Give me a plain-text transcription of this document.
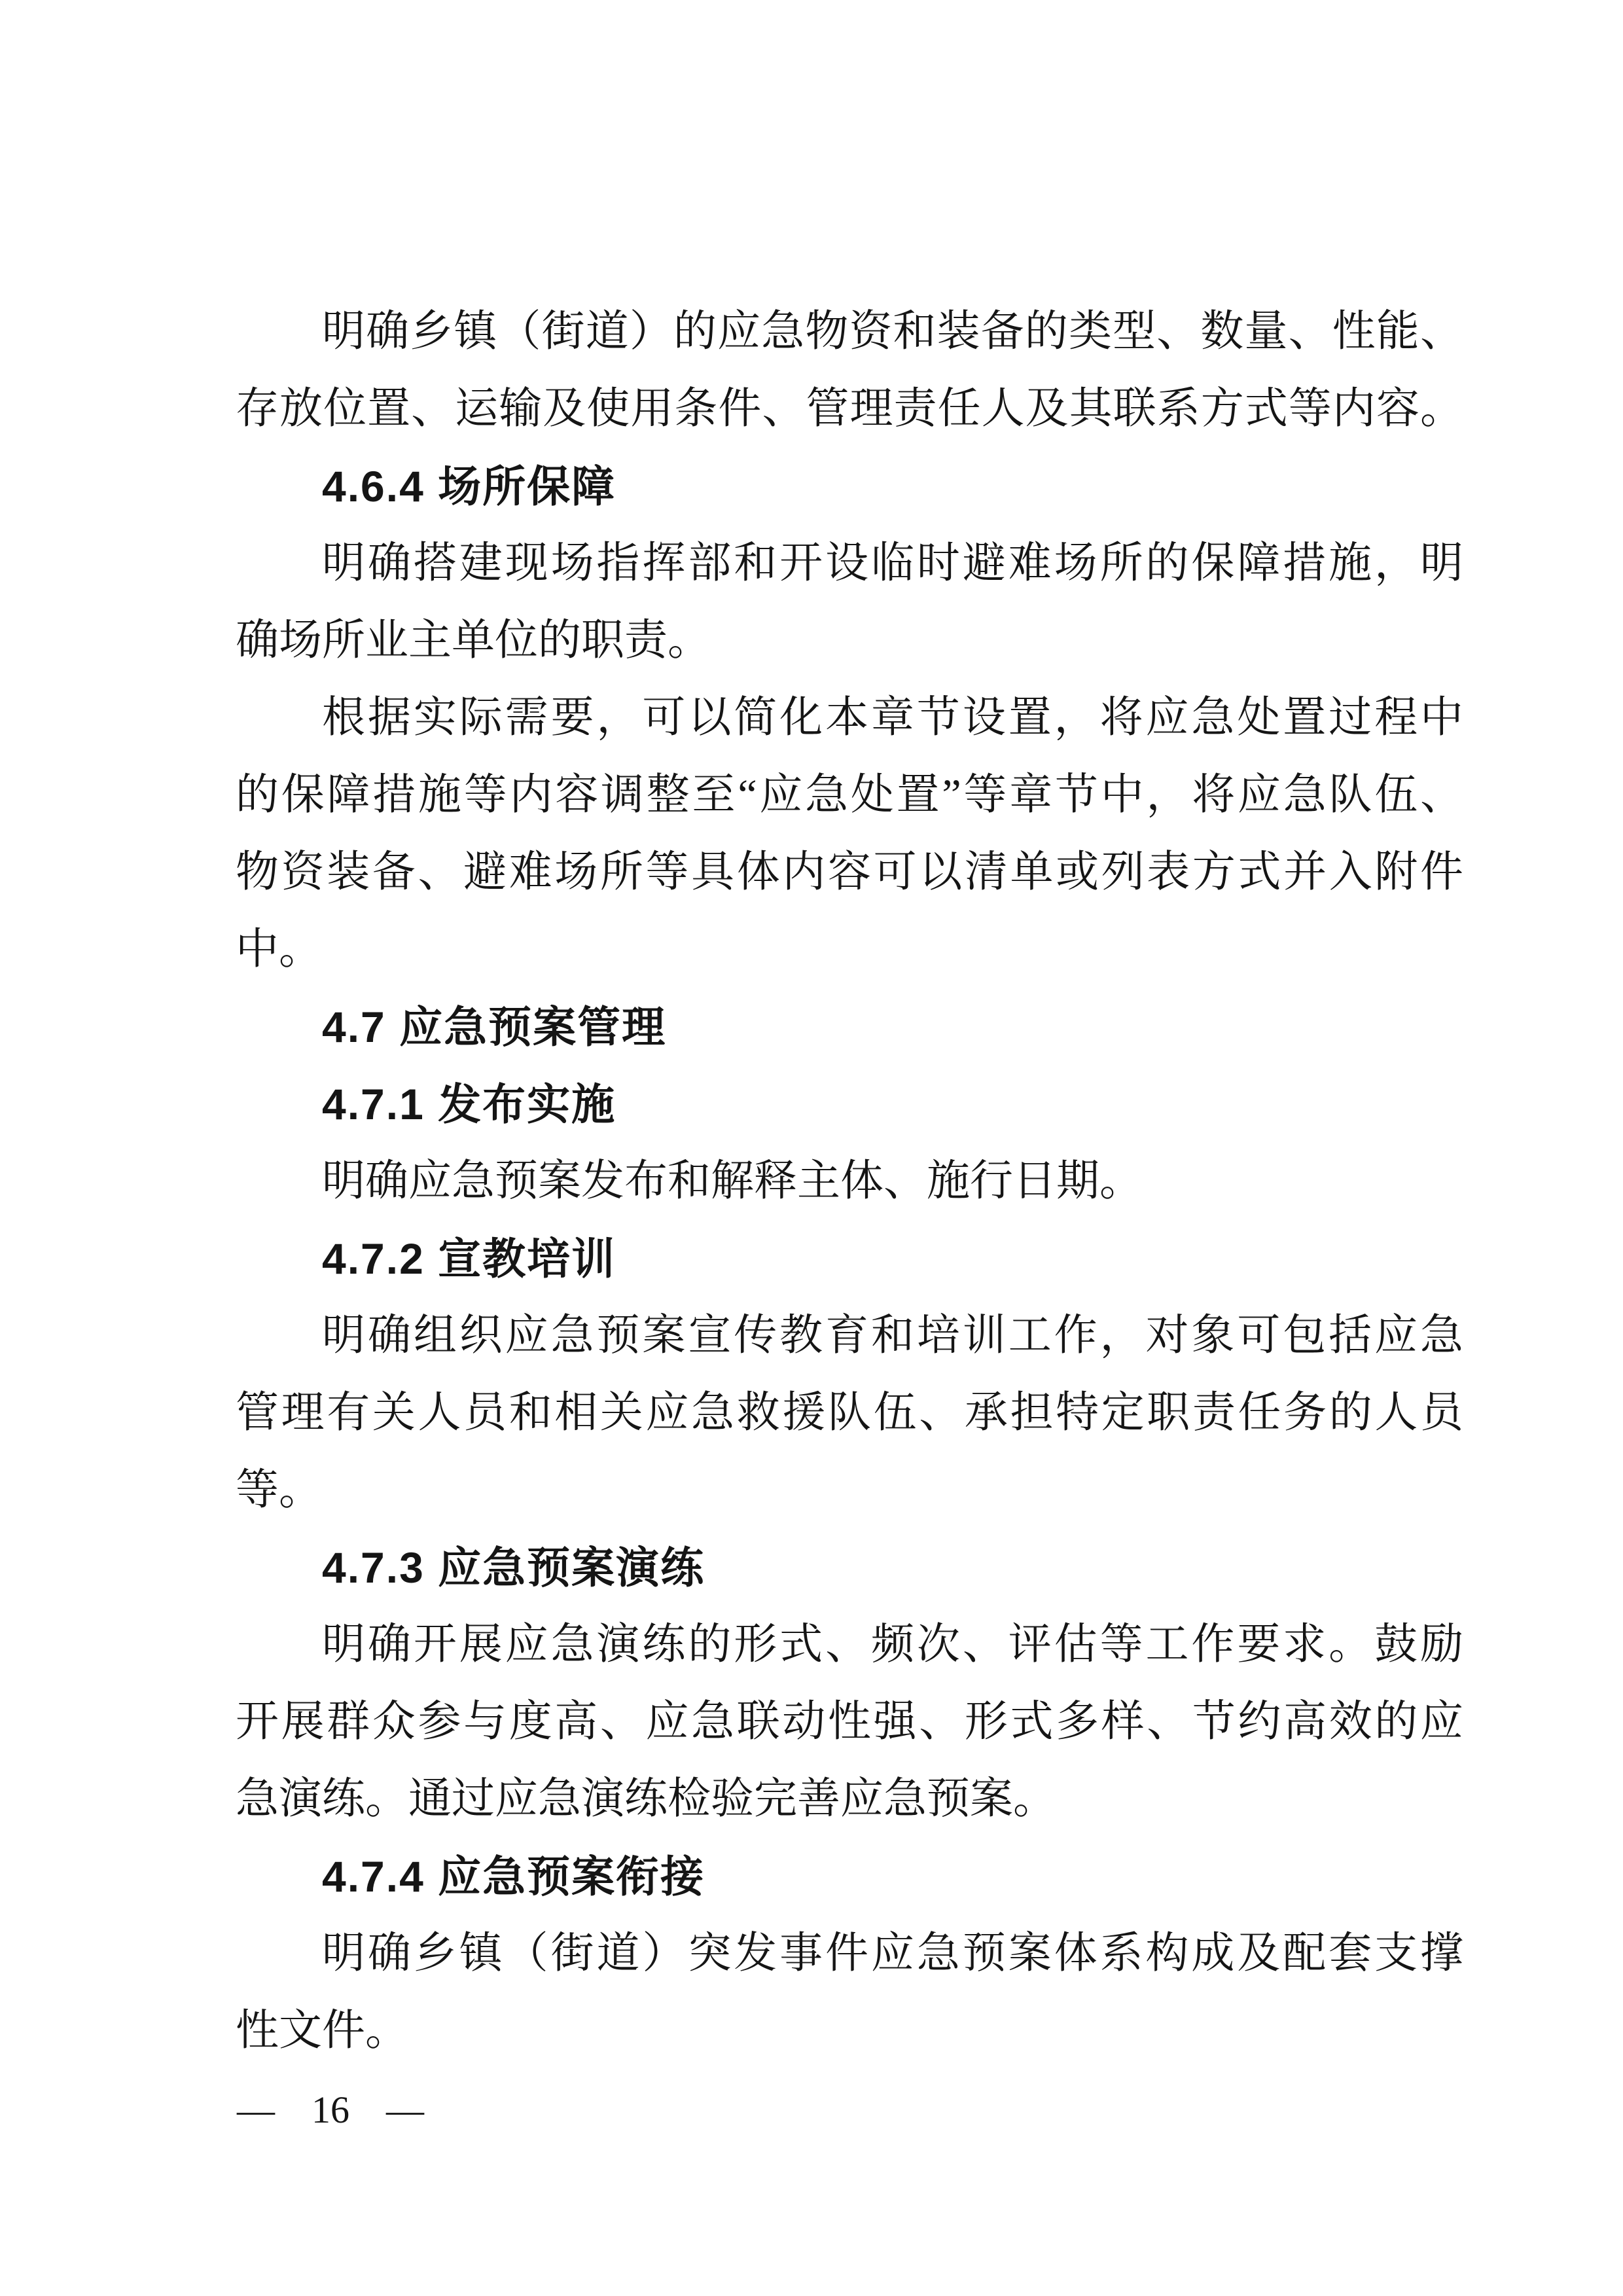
明确乡镇（街道）的应急物资和装备的类型、数量、性能、
存放位置、运输及使用条件、管理责任人及其联系方式等内容。
4.6.4 场所保障
明确搭建现场指挥部和开设临时避难场所的保障措施，明
确场所业主单位的职责。
根据实际需要，可以简化本章节设置，将应急处置过程中
的保障措施等内容调整至“应急处置”等章节中，将应急队伍、
物资装备、避难场所等具体内容可以清单或列表方式并入附件
中。
4.7 应急预案管理
4.7.1 发布实施
明确应急预案发布和解释主体、施行日期。
4.7.2 宣教培训
明确组织应急预案宣传教育和培训工作，对象可包括应急
管理有关人员和相关应急救援队伍、承担特定职责任务的人员
等。
4.7.3 应急预案演练
明确开展应急演练的形式、频次、评估等工作要求。鼓励
开展群众参与度高、应急联动性强、形式多样、节约高效的应
急演练。通过应急演练检验完善应急预案。
4.7.4 应急预案衔接
明确乡镇（街道）突发事件应急预案体系构成及配套支撑
性文件。
— 16 —
